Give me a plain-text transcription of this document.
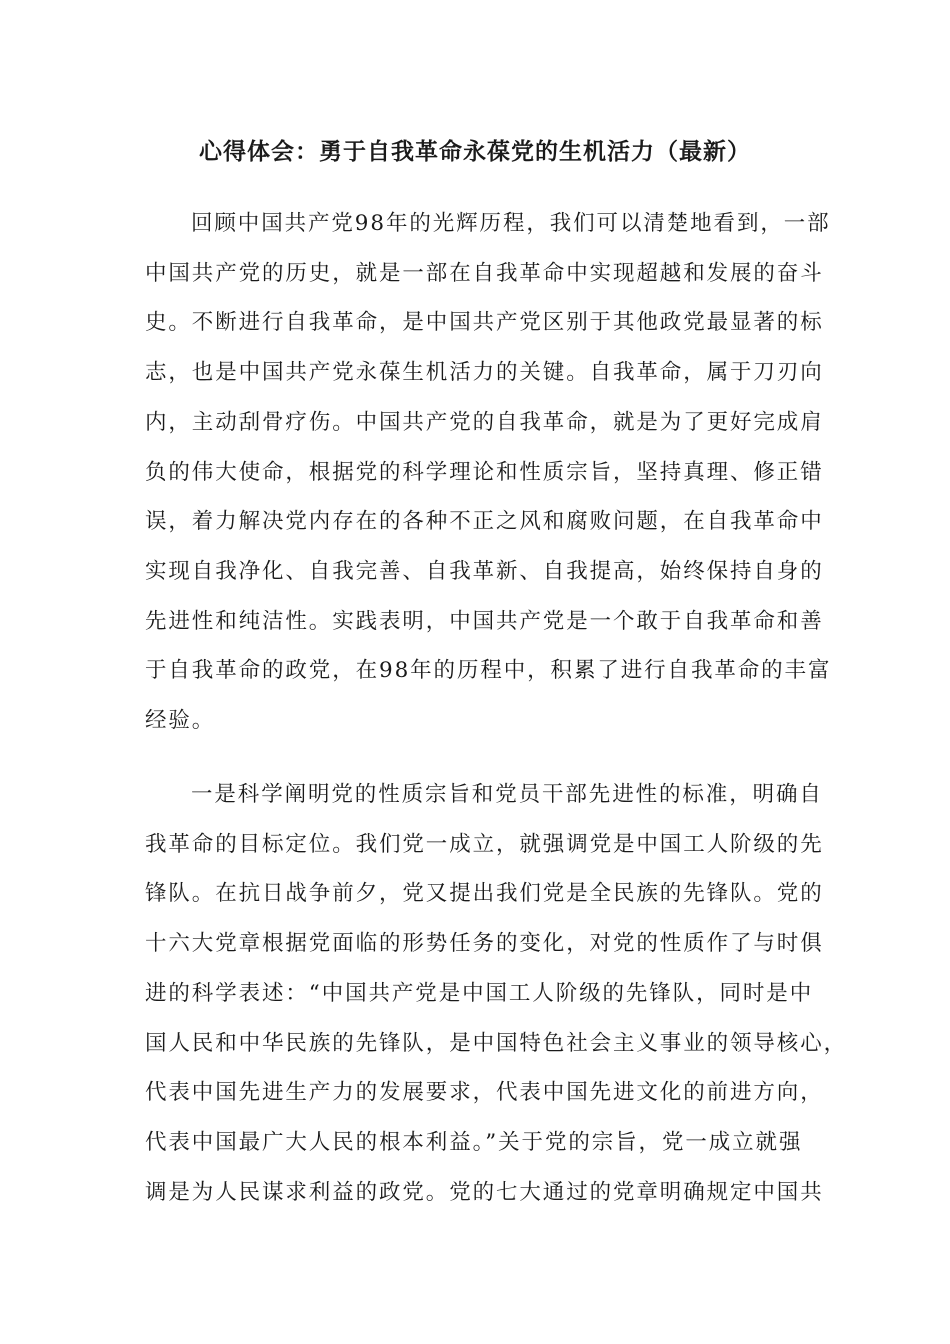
心得体会：勇于自我革命永葆党的生机活力（最新）
回顾中国共产党98年的光辉历程，我们可以清楚地看到，一部
中国共产党的历史，就是一部在自我革命中实现超越和发展的奋斗
史。不断进行自我革命，是中国共产党区别于其他政党最显著的标
志，也是中国共产党永葆生机活力的关键。自我革命，属于刀刃向
内，主动刮骨疗伤。中国共产党的自我革命，就是为了更好完成肩
负的伟大使命，根据党的科学理论和性质宗旨，坚持真理、修正错
误，着力解决党内存在的各种不正之风和腐败问题，在自我革命中
实现自我净化、自我完善、自我革新、自我提高，始终保持自身的
先进性和纯洁性。实践表明，中国共产党是一个敢于自我革命和善
于自我革命的政党，在98年的历程中，积累了进行自我革命的丰富
经验。
一是科学阐明党的性质宗旨和党员干部先进性的标准，明确自
我革命的目标定位。我们党一成立，就强调党是中国工人阶级的先
锋队。在抗日战争前夕，党又提出我们党是全民族的先锋队。党的
十六大党章根据党面临的形势任务的变化，对党的性质作了与时俱
进的科学表述：“中国共产党是中国工人阶级的先锋队，同时是中
国人民和中华民族的先锋队，是中国特色社会主义事业的领导核心，
代表中国先进生产力的发展要求，代表中国先进文化的前进方向，
代表中国最广大人民的根本利益。”关于党的宗旨，党一成立就强
调是为人民谋求利益的政党。党的七大通过的党章明确规定中国共
